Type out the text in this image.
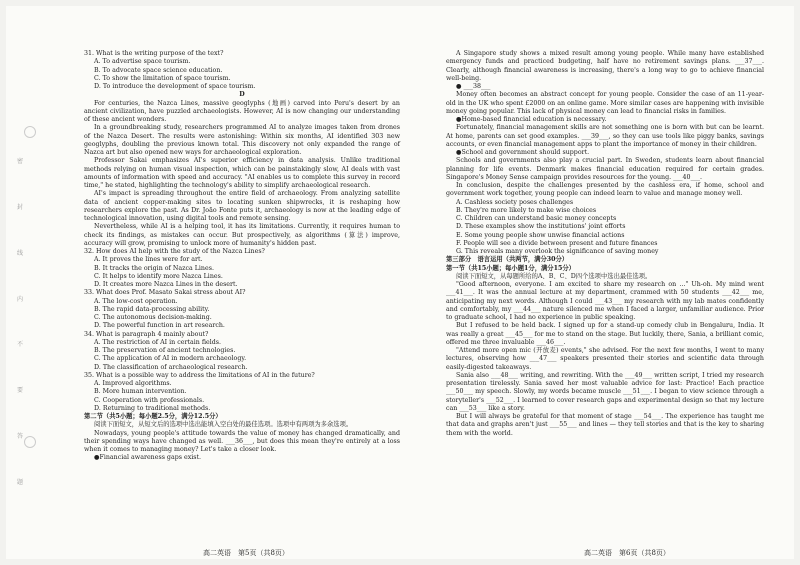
密
封
线
内
不
要
答
题

31. What is the writing purpose of the text?

A. To advertise space tourism.

B. To advocate space science education.

C. To show the limitation of space tourism.

D. To introduce the development of space tourism.

D

For centuries, the Nazca Lines, massive geoglyphs (地画) carved into Peru's desert by an ancient civilization, have puzzled archaeologists. However, AI is now changing our understanding of these ancient wonders.

In a groundbreaking study, researchers programmed AI to analyze images taken from drones of the Nazca Desert. The results were astonishing: Within six months, AI identified 303 new geoglyphs, doubling the previous known total. This discovery not only expanded the range of Nazca art but also opened new ways for archaeological exploration.

Professor Sakai emphasizes AI's superior efficiency in data analysis. Unlike traditional methods relying on human visual inspection, which can be painstakingly slow, AI deals with vast amounts of information with speed and accuracy. "AI enables us to complete this survey in record time," he stated, highlighting the technology's ability to simplify archaeological research.

AI's impact is spreading throughout the entire field of archaeology. From analyzing satellite data of ancient copper-making sites to locating sunken shipwrecks, it is reshaping how researchers explore the past. As Dr. João Fonte puts it, archaeology is now at the leading edge of technological innovation, using digital tools and remote sensing.

Nevertheless, while AI is a helping tool, it has its limitations. Currently, it requires human to check its findings, as mistakes can occur. But prospectively, as algorithms (算法) improve, accuracy will grow, promising to unlock more of humanity's hidden past.

32. How does AI help with the study of the Nazca Lines?

A. It proves the lines were for art.

B. It tracks the origin of Nazca Lines.

C. It helps to identify more Nazca Lines.

D. It creates more Nazca Lines in the desert.

33. What does Prof. Masato Sakai stress about AI?

A. The low-cost operation.

B. The rapid data-processing ability.

C. The autonomous decision-making.

D. The powerful function in art research.

34. What is paragraph 4 mainly about?

A. The restriction of AI in certain fields.

B. The preservation of ancient technologies.

C. The application of AI in modern archaeology.

D. The classification of archaeological research.

35. What is a possible way to address the limitations of AI in the future?

A. Improved algorithms.

B. More human intervention.

C. Cooperation with professionals.

D. Returning to traditional methods.

第二节（共5小题；每小题2.5分，满分12.5分）

阅读下面短文，从短文后的选项中选出能填入空白处的最佳选项。选项中有两项为多余选项。

Nowadays, young people's attitude towards the value of money has changed dramatically, and their spending ways have changed as well. ___36___, but does this mean they're entirely at a loss when it comes to managing money? Let's take a closer look.

●Financial awareness gaps exist.

A Singapore study shows a mixed result among young people. While many have established emergency funds and practiced budgeting, half have no retirement savings plans. ___37___. Clearly, although financial awareness is increasing, there's a long way to go to achieve financial well-being.

● ___38___

Money often becomes an abstract concept for young people. Consider the case of an 11-year-old in the UK who spent £2000 on an online game. More similar cases are happening with invisible money going popular. This lack of physical money can lead to financial risks in families.

●Home-based financial education is necessary.

Fortunately, financial management skills are not something one is born with but can be learnt. At home, parents can set good examples. ___39___, so they can use tools like piggy banks, savings accounts, or even financial management apps to plant the importance of money in their children.

●School and government should support.

Schools and governments also play a crucial part. In Sweden, students learn about financial planning for life events. Denmark makes financial education required for certain grades. Singapore's Money Sense campaign provides resources for the young. ___40___.

In conclusion, despite the challenges presented by the cashless era, if home, school and government work together, young people can indeed learn to value and manage money well.

A. Cashless society poses challenges

B. They're more likely to make wise choices

C. Children can understand basic money concepts

D. These examples show the institutions' joint efforts

E. Some young people show unwise financial actions

F. People will see a divide between present and future finances

G. This reveals many overlook the significance of saving money

第三部分　语言运用（共两节，满分30分）

第一节（共15小题；每小题1分，满分15分）

阅读下面短文，从每题所给的A、B、C、D四个选项中选出最佳选项。

"Good afternoon, everyone. I am excited to share my research on ..." Uh-oh. My mind went ___41___. It was the annual lecture at my department, crammed with 50 students ___42___ me, anticipating my next words. Although I could ___43___ my research with my lab mates confidently and comfortably, my ___44___ nature silenced me when I faced a larger, unfamiliar audience. Prior to graduate school, I had no experience in public speaking.

But I refused to be held back. I signed up for a stand-up comedy club in Bengaluru, India. It was really a great ___45___ for me to stand on the stage. But luckily, there, Sania, a brilliant comic, offered me three invaluable ___46___.

"Attend more open mic (开放麦) events," she advised. For the next few months, I went to many lectures, observing how ___47___ speakers presented their stories and scientific data through easily-digested takeaways.

Sania also ___48___ writing, and rewriting. With the ___49___ written script, I tried my research presentation tirelessly. Sania saved her most valuable advice for last: Practice! Each practice ___50___ my speech. Slowly, my words became muscle ___51___. I began to view science through a storyteller's ___52___. I learned to cover research gaps and experimental design so that my lecture can ___53___ like a story.

But I will always be grateful for that moment of stage ___54___. The experience has taught me that data and graphs aren't just ___55___ and lines — they tell stories and that is the key to sharing them with the world.

高二英语　第5页（共8页）	高二英语　第6页（共8页）
